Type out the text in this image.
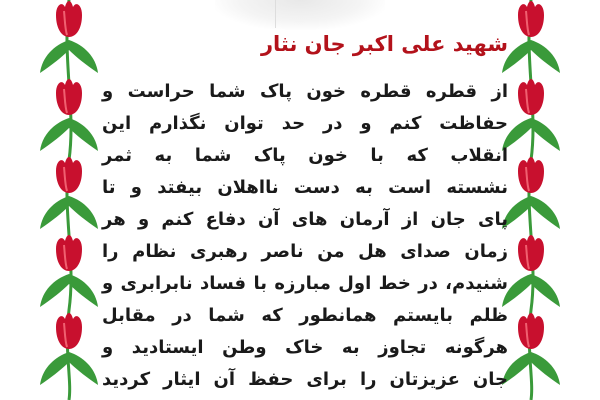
شهید علی اکبر جان نثار
از قطره قطره خون پاک شما حراست و
حفاظت کنم و در حد توان نگذارم این
انقلاب که با خون پاک شما به ثمر
نشسته است به دست نااهلان بیفتد و تا
پای جان از آرمان های آن دفاع کنم و هر
زمان صدای هل من ناصر رهبری نظام را
شنیدم، در خط اول مبارزه با فساد نابرابری و
ظلم بایستم همانطور که شما در مقابل
هرگونه تجاوز به خاک وطن ایستادید و
جان عزیزتان را برای حفظ آن ایثار کردید
